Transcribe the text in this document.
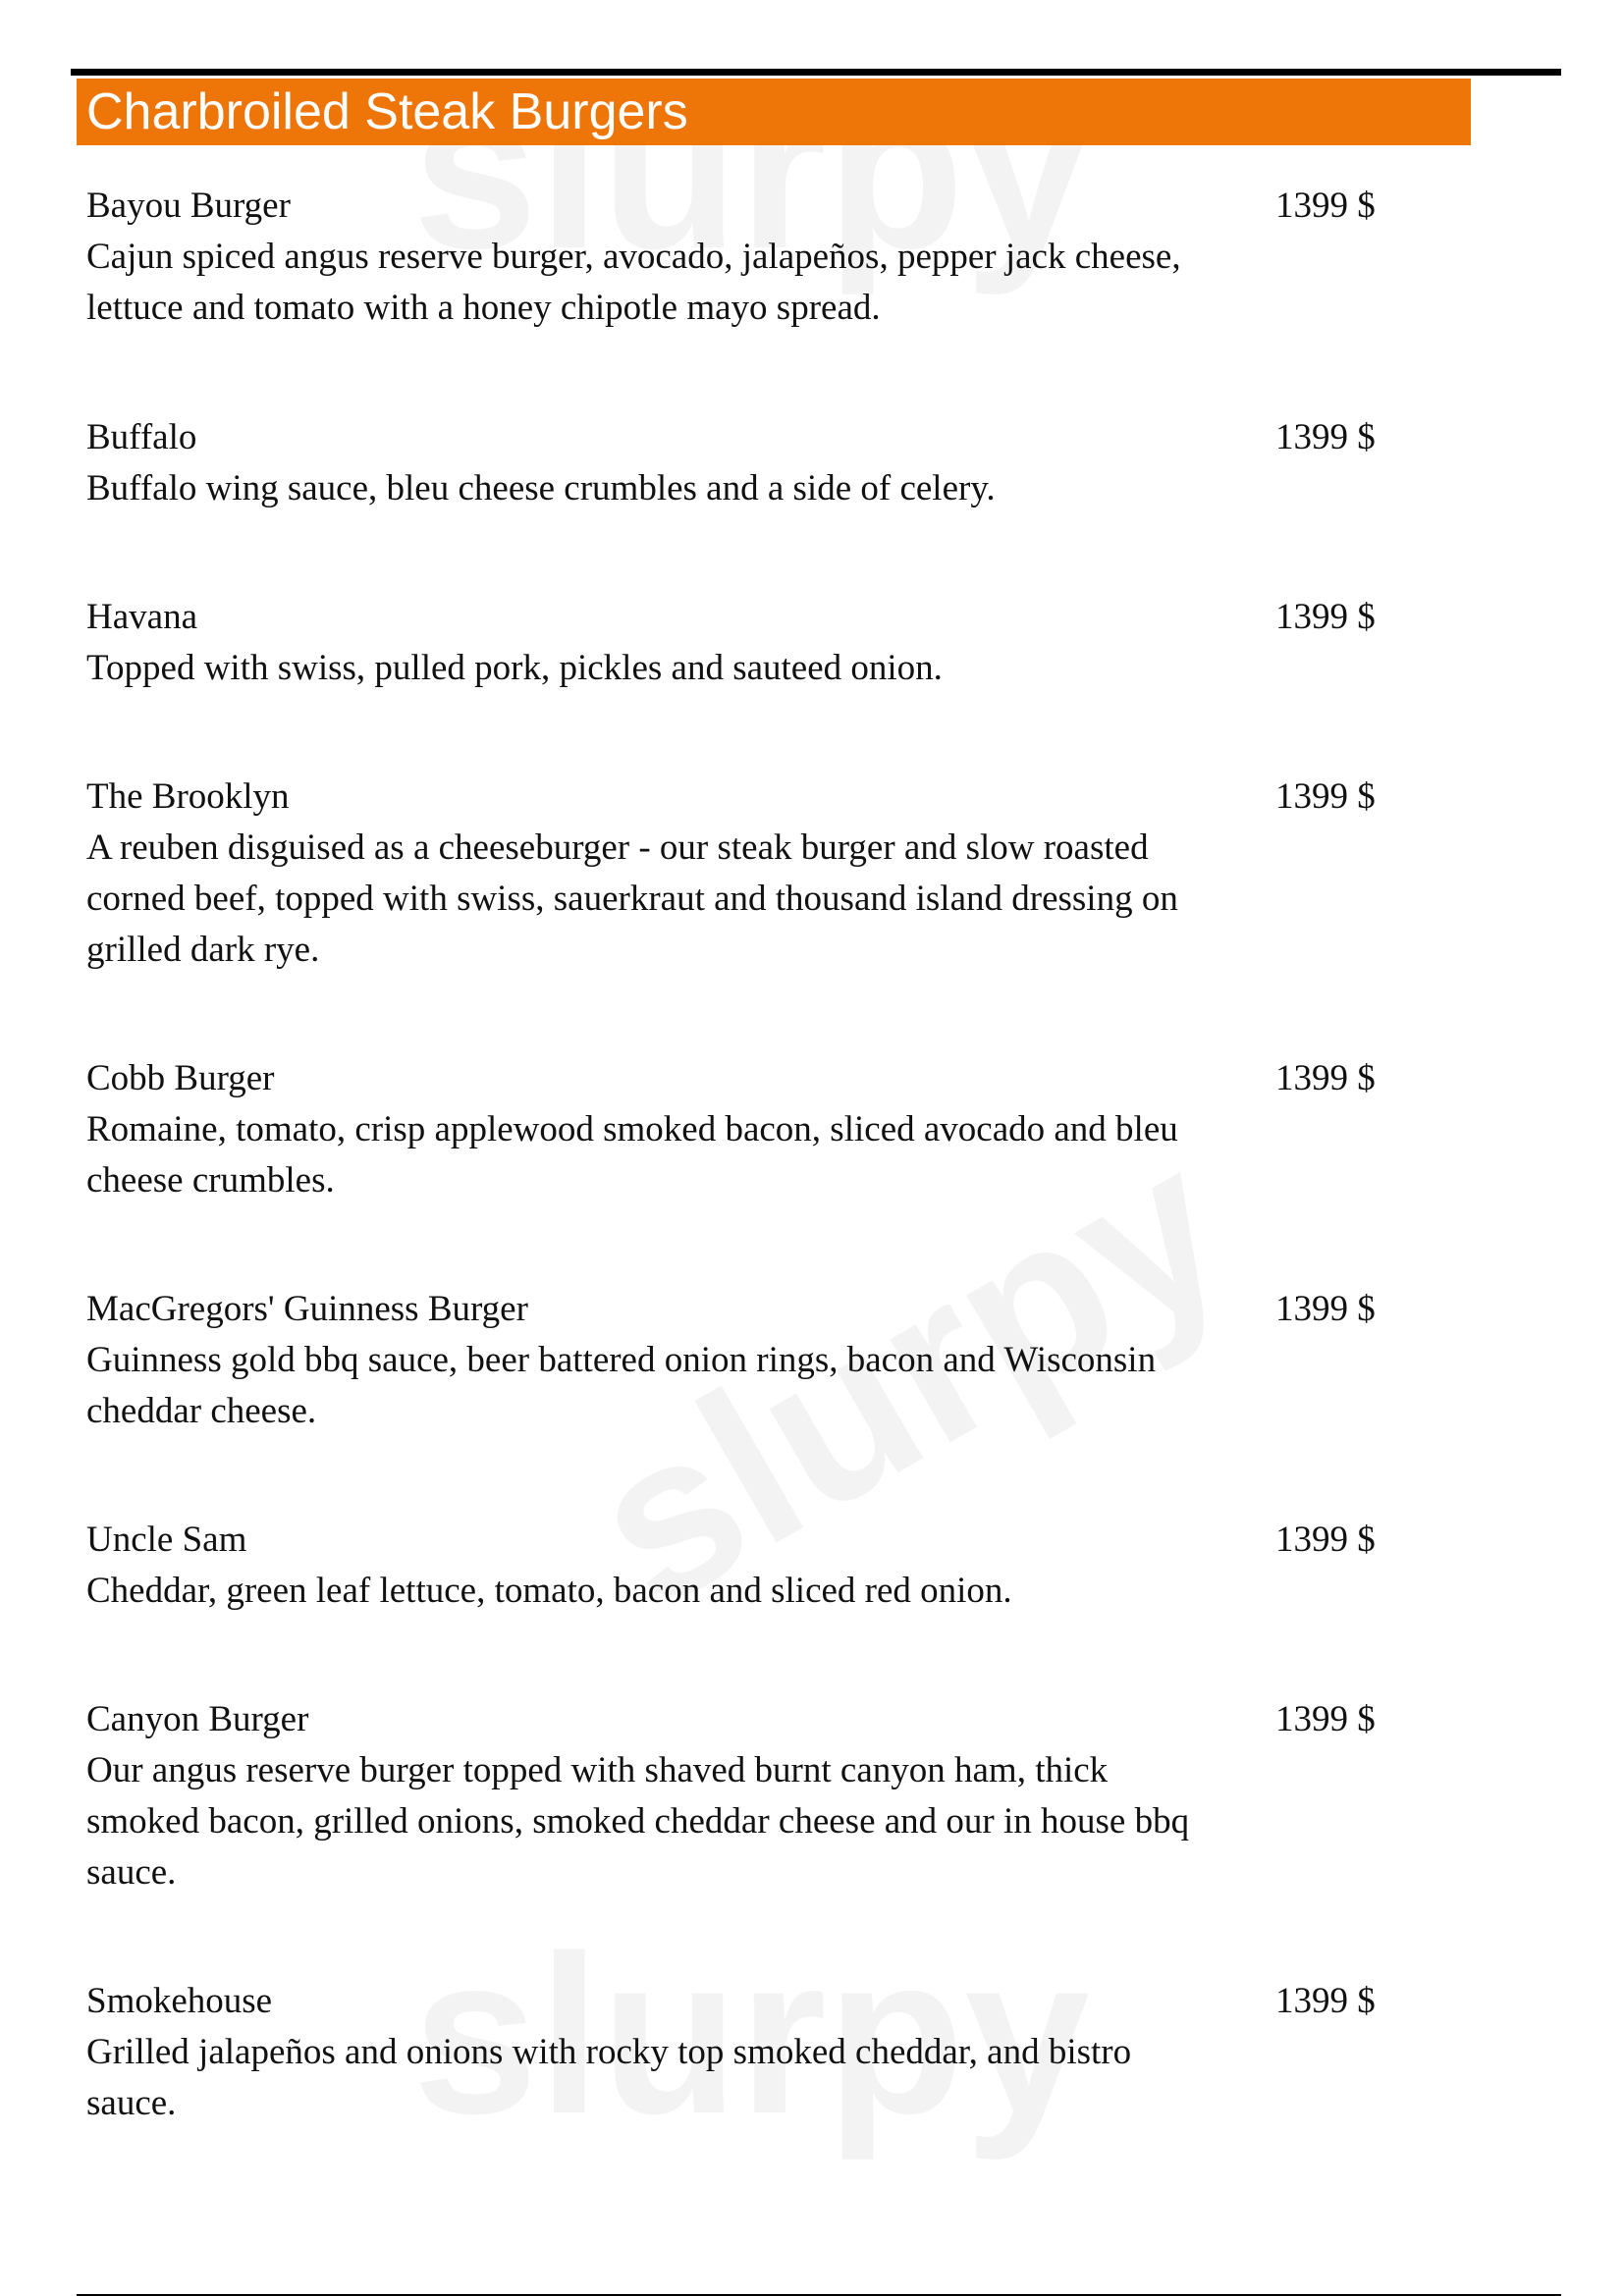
Charbroiled Steak Burgers
Bayou Burger
Cajun spiced angus reserve burger, avocado, jalapeños, pepper jack cheese, lettuce and tomato with a honey chipotle mayo spread.
1399 $
Buffalo
Buffalo wing sauce, bleu cheese crumbles and a side of celery.
1399 $
Havana
Topped with swiss, pulled pork, pickles and sauteed onion.
1399 $
The Brooklyn
A reuben disguised as a cheeseburger - our steak burger and slow roasted corned beef, topped with swiss, sauerkraut and thousand island dressing on grilled dark rye.
1399 $
Cobb Burger
Romaine, tomato, crisp applewood smoked bacon, sliced avocado and bleu cheese crumbles.
1399 $
MacGregors' Guinness Burger
Guinness gold bbq sauce, beer battered onion rings, bacon and Wisconsin cheddar cheese.
1399 $
Uncle Sam
Cheddar, green leaf lettuce, tomato, bacon and sliced red onion.
1399 $
Canyon Burger
Our angus reserve burger topped with shaved burnt canyon ham, thick smoked bacon, grilled onions, smoked cheddar cheese and our in house bbq sauce.
1399 $
Smokehouse
Grilled jalapeños and onions with rocky top smoked cheddar, and bistro sauce.
1399 $
